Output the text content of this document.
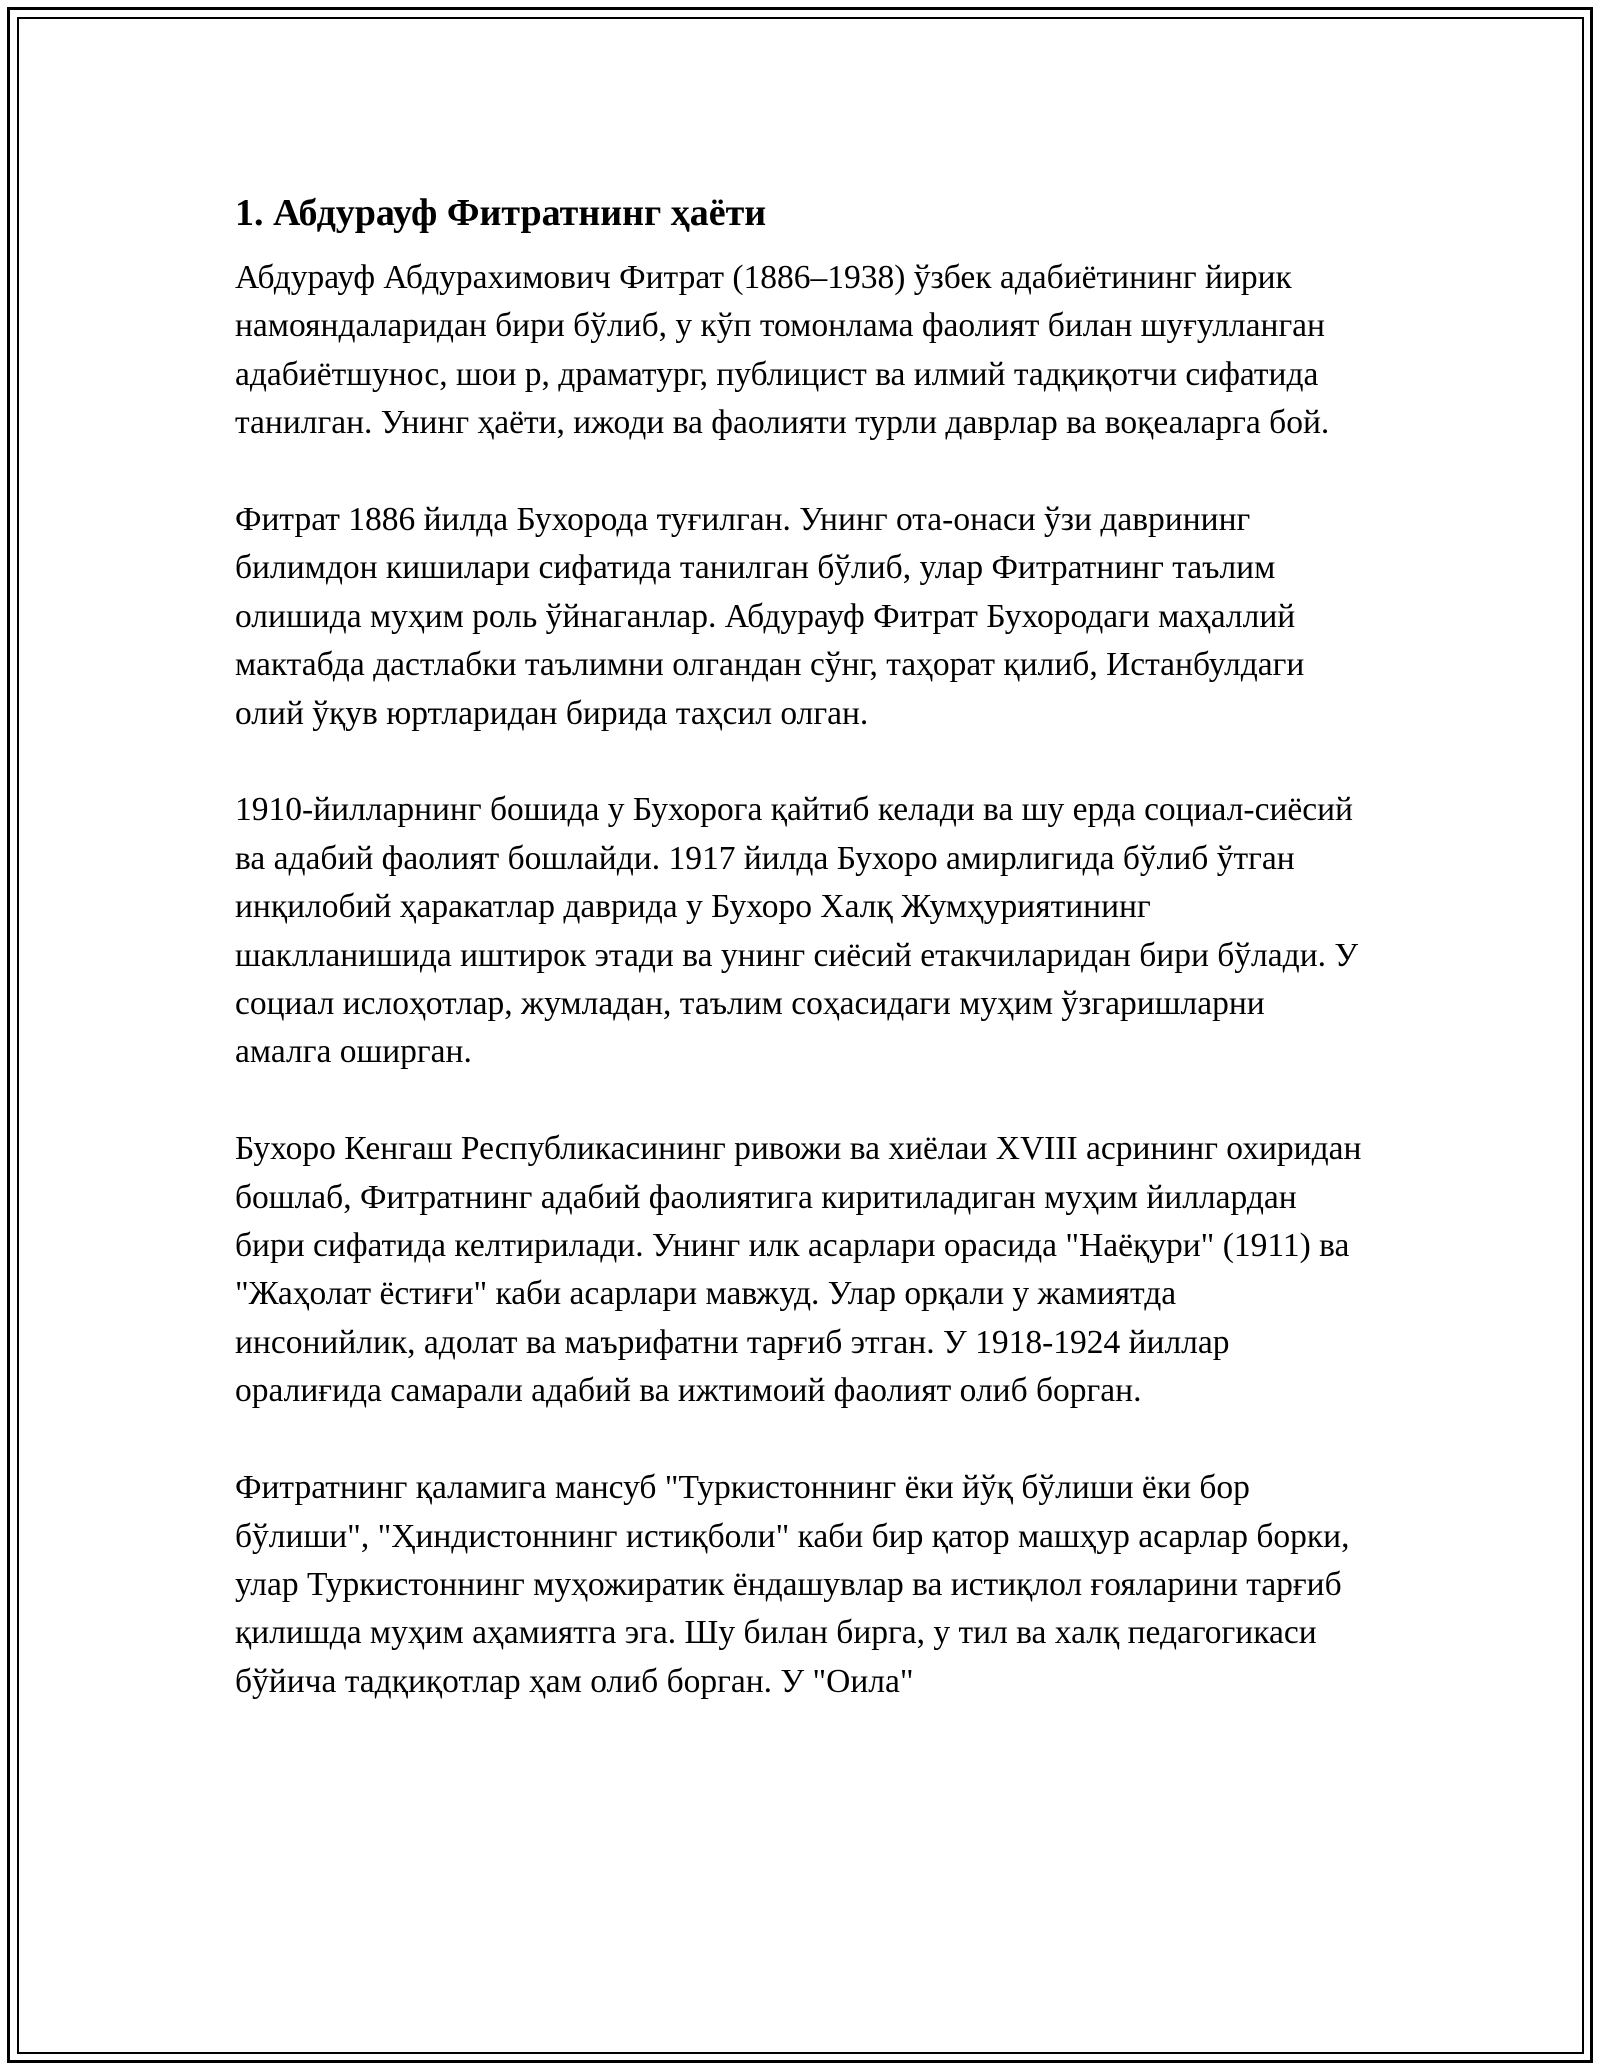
1. Абдурауф Фитратнинг ҳаёти

Абдурауф Абдурахимович Фитрат (1886–1938) ўзбек адабиётининг йирик намояндаларидан бири бўлиб, у кўп томонлама фаолият билан шуғулланган адабиётшунос, шои р, драматург, публицист ва илмий тадқиқотчи сифатида танилган. Унинг ҳаёти, ижоди ва фаолияти турли даврлар ва воқеаларга бой.

Фитрат 1886 йилда Бухорода туғилган. Унинг ота-онаси ўзи даврининг билимдон кишилари сифатида танилган бўлиб, улар Фитратнинг таълим олишида муҳим роль ўйнаганлар. Абдурауф Фитрат Бухородаги маҳаллий мактабда дастлабки таълимни олгандан сўнг, таҳорат қилиб, Истанбулдаги олий ўқув юртларидан бирида таҳсил олган.

1910-йилларнинг бошида у Бухорога қайтиб келади ва шу ерда социал-сиёсий ва адабий фаолият бошлайди. 1917 йилда Бухоро амирлигида бўлиб ўтган инқилобий ҳаракатлар даврида у Бухоро Халқ Жумҳуриятининг шаклланишида иштирок этади ва унинг сиёсий етакчиларидан бири бўлади. У социал ислоҳотлар, жумладан, таълим соҳасидаги муҳим ўзгаришларни амалга оширган.

Бухоро Кенгаш Республикасининг ривожи ва хиёлаи XVIII асрининг охиридан бошлаб, Фитратнинг адабий фаолиятига киритиладиган муҳим йиллардан бири сифатида келтирилади. Унинг илк асарлари орасида "Наёқури" (1911) ва "Жаҳолат ёстиғи" каби асарлари мавжуд. Улар орқали у жамиятда инсонийлик, адолат ва маърифатни тарғиб этган. У 1918-1924 йиллар оралиғида самарали адабий ва ижтимоий фаолият олиб борган.

Фитратнинг қаламига мансуб "Туркистоннинг ёки йўқ бўлиши ёки бор бўлиши", "Ҳиндистоннинг истиқболи" каби бир қатор машҳур асарлар борки, улар Туркистоннинг муҳожиратик ёндашувлар ва истиқлол ғояларини тарғиб қилишда муҳим аҳамиятга эга. Шу билан бирга, у тил ва халқ педагогикаси бўйича тадқиқотлар ҳам олиб борган. У "Оила"
